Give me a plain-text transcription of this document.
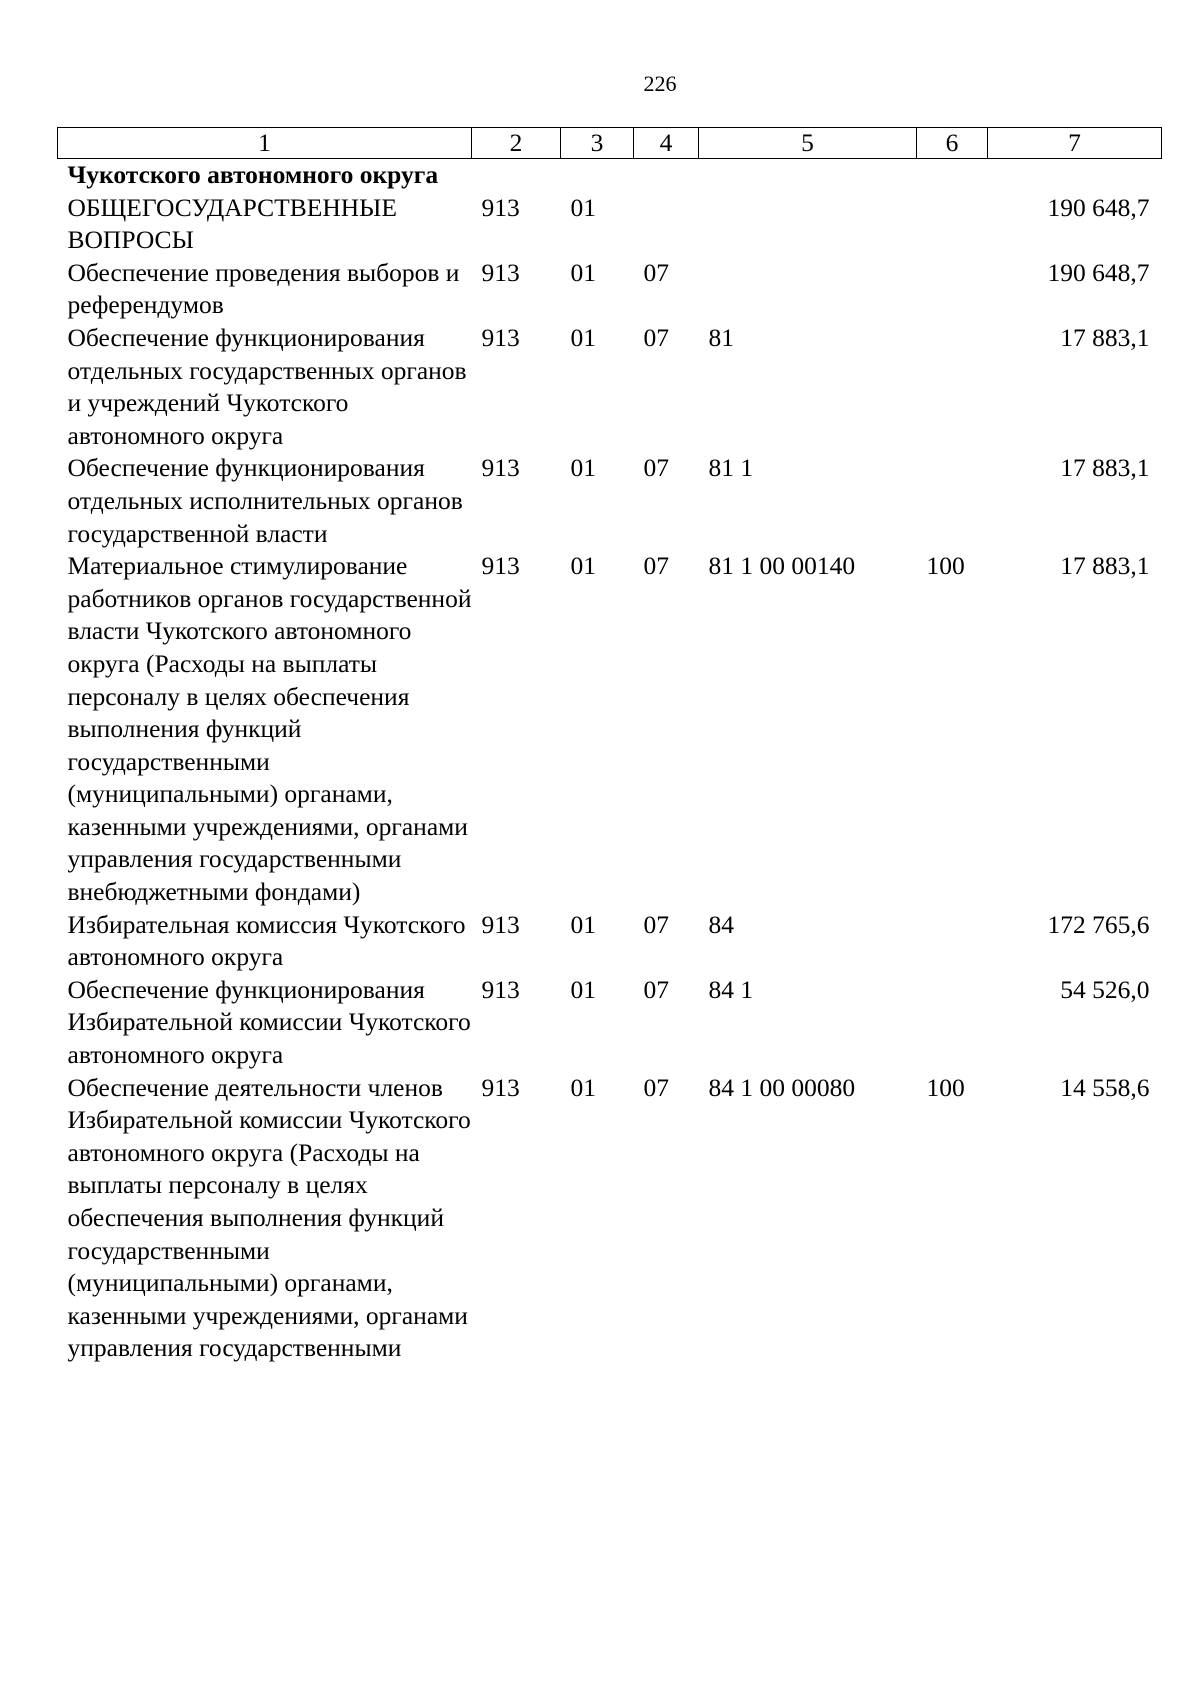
226
1	2	3	4	5	6	7
Чукотского автономного округа						
ОБЩЕГОСУДАРСТВЕННЫЕ ВОПРОСЫ	913	01				190 648,7
Обеспечение проведения выборов и референдумов	913	01	07			190 648,7
Обеспечение функционирования отдельных государственных органов и учреждений Чукотского автономного округа	913	01	07	81		17 883,1
Обеспечение функционирования отдельных исполнительных органов государственной власти	913	01	07	81 1		17 883,1
Материальное стимулирование работников органов государственной власти Чукотского автономного округа (Расходы на выплаты персоналу в целях обеспечения выполнения функций государственными (муниципальными) органами, казенными учреждениями, органами управления государственными внебюджетными фондами)	913	01	07	81 1 00 00140	100	17 883,1
Избирательная комиссия Чукотского автономного округа	913	01	07	84		172 765,6
Обеспечение функционирования Избирательной комиссии Чукотского автономного округа	913	01	07	84 1		54 526,0
Обеспечение деятельности членов Избирательной комиссии Чукотского автономного округа (Расходы на выплаты персоналу в целях обеспечения выполнения функций государственными (муниципальными) органами, казенными учреждениями, органами управления государственными	913	01	07	84 1 00 00080	100	14 558,6
